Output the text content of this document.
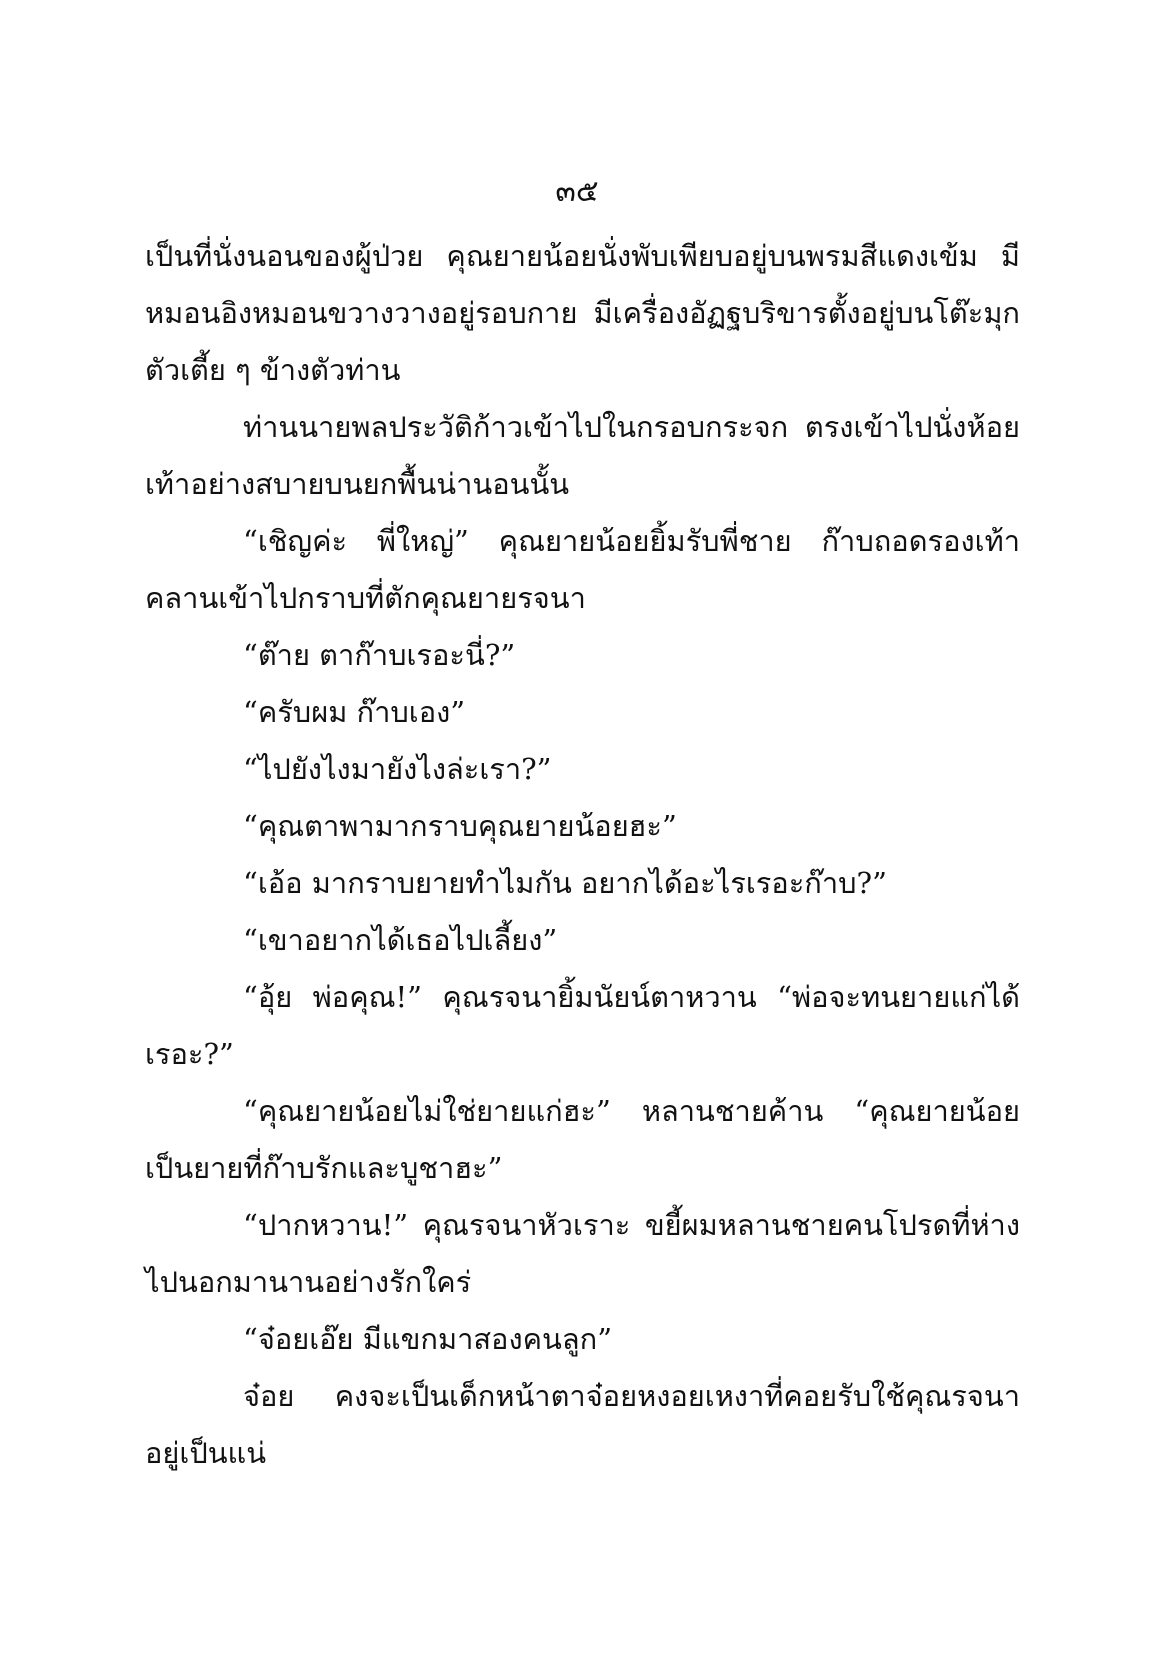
๓๕

เป็นที่นั่งนอนของผู้ป่วย คุณยายน้อยนั่งพับเพียบอยู่บนพรมสีแดงเข้ม มีหมอนอิงหมอนขวางวางอยู่รอบกาย มีเครื่องอัฏฐบริขารตั้งอยู่บนโต๊ะมุกตัวเตี้ย ๆ ข้างตัวท่าน

ท่านนายพลประวัติก้าวเข้าไปในกรอบกระจก ตรงเข้าไปนั่งห้อยเท้าอย่างสบายบนยกพื้นน่านอนนั้น

“เชิญค่ะ พี่ใหญ่” คุณยายน้อยยิ้มรับพี่ชาย ก๊าบถอดรองเท้าคลานเข้าไปกราบที่ตักคุณยายรจนา

“ต๊าย ตาก๊าบเรอะนี่?”

“ครับผม ก๊าบเอง”

“ไปยังไงมายังไงล่ะเรา?”

“คุณตาพามากราบคุณยายน้อยฮะ”

“เอ้อ มากราบยายทำไมกัน อยากได้อะไรเรอะก๊าบ?”

“เขาอยากได้เธอไปเลี้ยง”

“อุ้ย พ่อคุณ!” คุณรจนายิ้มนัยน์ตาหวาน “พ่อจะทนยายแก่ได้เรอะ?”

“คุณยายน้อยไม่ใช่ยายแก่ฮะ” หลานชายค้าน “คุณยายน้อยเป็นยายที่ก๊าบรักและบูชาฮะ”

“ปากหวาน!” คุณรจนาหัวเราะ ขยี้ผมหลานชายคนโปรดที่ห่างไปนอกมานานอย่างรักใคร่

“จ๋อยเอ๊ย มีแขกมาสองคนลูก”

จ๋อย คงจะเป็นเด็กหน้าตาจ๋อยหงอยเหงาที่คอยรับใช้คุณรจนาอยู่เป็นแน่
